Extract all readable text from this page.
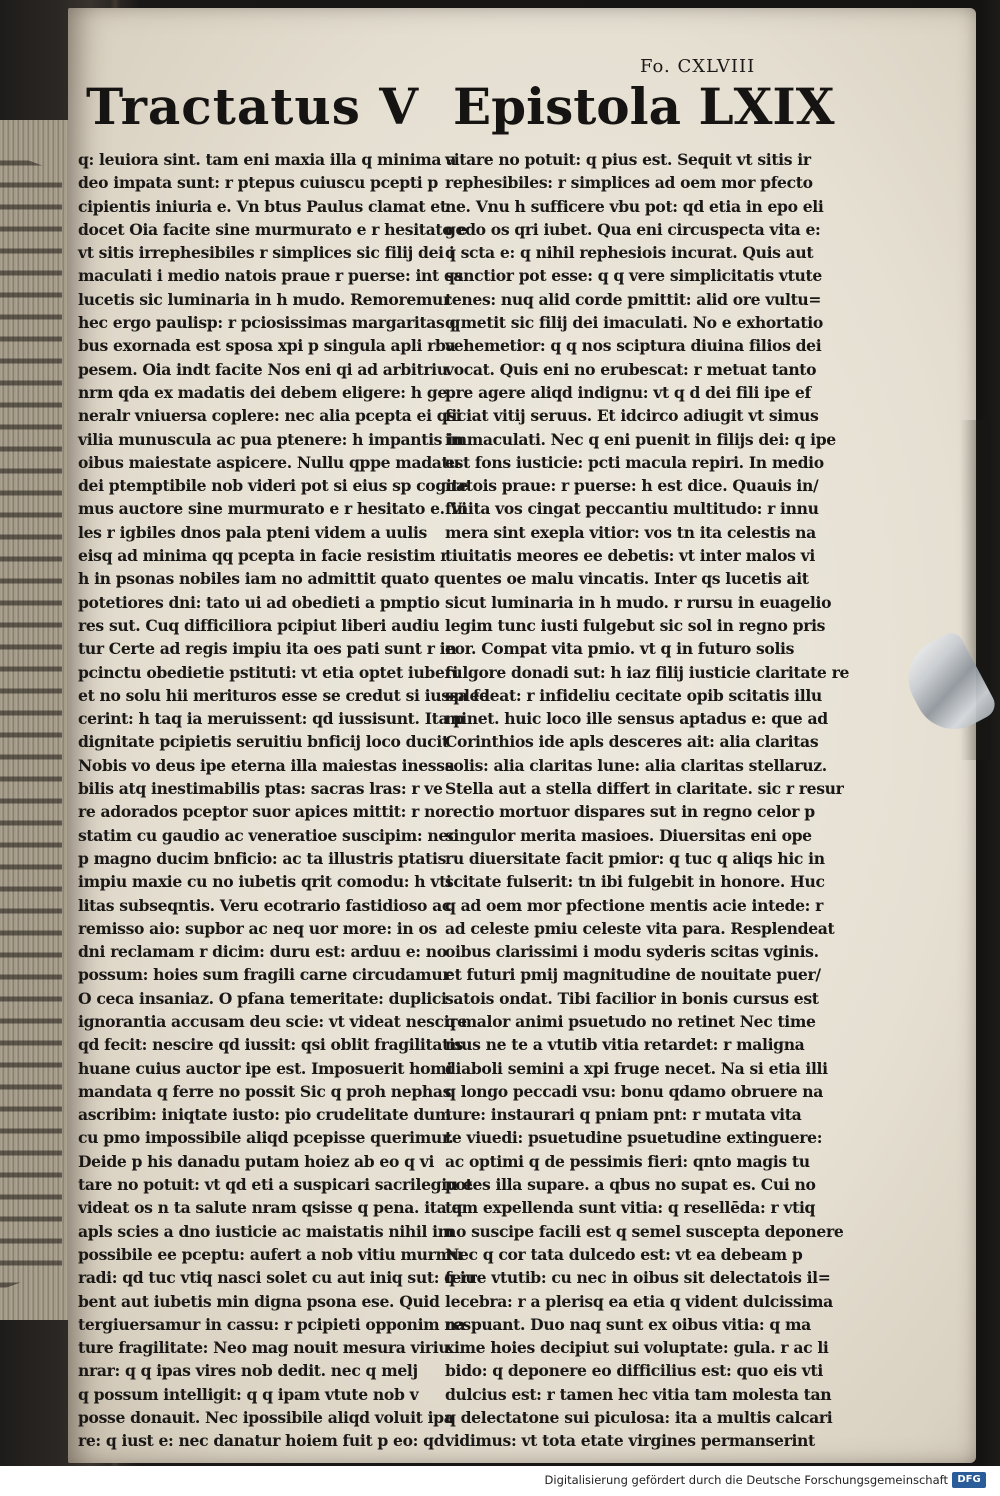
Fo. CXLVIII
Tractatus V Epistola LXIX
q: leuiora sint. tam eni maxia illa q minima a
deo impata sunt: r ptepus cuiuscu pcepti p
cipientis iniuria e. Vn btus Paulus clamat et
docet Oia facite sine murmurato e r hesitato e
vt sitis irrephesibiles r simplices sic filij dei i
maculati i medio natois praue r puerse: int qs
lucetis sic luminaria in h mudo. Remoremur
hec ergo paulisp: r pciosissimas margaritas q
bus exornada est sposa xpi p singula apli rba
pesem. Oia indt facite Nos eni qi ad arbitriu
nrm qda ex madatis dei debem eligere: h ge
neralr vniuersa coplere: nec alia pcepta ei qsi
vilia munuscula ac pua ptenere: h impantis in
oibus maiestate aspicere. Nullu qppe madatu
dei ptemptibile nob videri pot si eius sp cogite
mus auctore sine murmurato e r hesitato e. Vi
les r igbiles dnos pala pteni videm a uulis
eisq ad minima qq pcepta in facie resistim r
h in psonas nobiles iam no admittit quato q
potetiores dni: tato ui ad obedieti a pmptio
res sut. Cuq difficiliora pcipiut liberi audiu
tur Certe ad regis impiu ita oes pati sunt r in
pcinctu obedietie pstituti: vt etia optet iuberi
et no solu hii merituros esse se credut si iussa fe
cerint: h taq ia meruissent: qd iussisunt. Ita p
dignitate pcipietis seruitiu bnficij loco ducit
Nobis vo deus ipe eterna illa maiestas inessa
bilis atq inestimabilis ptas: sacras lras: r ve
re adorados pceptor suor apices mittit: r no
statim cu gaudio ac veneratioe suscipim: nec
p magno ducim bnficio: ac ta illustris ptatis
impiu maxie cu no iubetis qrit comodu: h vti
litas subseqntis. Veru ecotrario fastidioso ac
remisso aio: supbor ac neq uor more: in os
dni reclamam r dicim: duru est: arduu e: no
possum: hoies sum fragili carne circudamur
O ceca insaniaz. O pfana temeritate: duplici
ignorantia accusam deu scie: vt videat nescire
qd fecit: nescire qd iussit: qsi oblit fragilitatis
huane cuius auctor ipe est. Imposuerit homi
mandata q ferre no possit Sic q proh nephas
ascribim: iniqtate iusto: pio crudelitate dum
cu pmo impossibile aliqd pcepisse querimur.
Deide p his danadu putam hoiez ab eo q vi
tare no potuit: vt qd eti a suspicari sacrilegiu e
videat os n ta salute nram qsisse q pena. ita q
apls scies a dno iusticie ac maistatis nihil im
possibile ee pceptu: aufert a nob vitiu murmu
radi: qd tuc vtiq nasci solet cu aut iniq sut: q iu
bent aut iubetis min digna psona ese. Quid
tergiuersamur in cassu: r pcipieti opponim na
ture fragilitate: Neo mag nouit mesura viriu
nrar: q q ipas vires nob dedit. nec q melj
q possum intelligit: q q ipam vtute nob v
posse donauit. Nec ipossibile aliqd voluit ipa
re: q iust e: nec danatur hoiem fuit p eo: qd
vitare no potuit: q pius est. Sequit vt sitis ir
rephesibiles: r simplices ad oem mor pfecto
ne. Vnu h sufficere vbu pot: qd etia in epo eli
gedo os qri iubet. Qua eni circuspecta vita e:
q scta e: q nihil rephesiois incurat. Quis aut
sanctior pot esse: q q vere simplicitatis vtute
tenes: nuq alid corde pmittit: alid ore vultu=
q metit sic filij dei imaculati. No e exhortatio
vehemetior: q q nos sciptura diuina filios dei
vocat. Quis eni no erubescat: r metuat tanto
pre agere aliqd indignu: vt q d dei fili ipe ef
ficiat vitij seruus. Et idcirco adiugit vt simus
immaculati. Nec q eni puenit in filijs dei: q ipe
est fons iusticie: pcti macula repiri. In medio
natois praue: r puerse: h est dice. Quauis in/
finita vos cingat peccantiu multitudo: r innu
mera sint exepla vitior: vos tn ita celestis na
tiuitatis meores ee debetis: vt inter malos vi
uentes oe malu vincatis. Inter qs lucetis ait
sicut luminaria in h mudo. r rursu in euagelio
legim tunc iusti fulgebut sic sol in regno pris
eor. Compat vita pmio. vt q in futuro solis
fulgore donadi sut: h iaz filij iusticie claritate re
spledeat: r infideliu cecitate opib scitatis illu
minet. huic loco ille sensus aptadus e: que ad
Corinthios ide apls desceres ait: alia claritas
solis: alia claritas lune: alia claritas stellaruz.
Stella aut a stella differt in claritate. sic r resur
rectio mortuor dispares sut in regno celor p
singulor merita masioes. Diuersitas eni ope
ru diuersitate facit pmior: q tuc q aliqs hic in
scitate fulserit: tn ibi fulgebit in honore. Huc
q ad oem mor pfectione mentis acie intede: r
ad celeste pmiu celeste vita para. Resplendeat
oibus clarissimi i modu syderis scitas vginis.
et futuri pmij magnitudine de nouitate puer/
satois ondat. Tibi facilior in bonis cursus est
q malor animi psuetudo no retinet Nec time
mus ne te a vtutib vitia retardet: r maligna
diaboli semini a xpi fruge necet. Na si etia illi
q longo peccadi vsu: bonu qdamo obruere na
ture: instaurari q pniam pnt: r mutata vita
te viuedi: psuetudine psuetudine extinguere:
ac optimi q de pessimis fieri: qnto magis tu
potes illa supare. a qbus no supat es. Cui no
tam expellenda sunt vitia: q resellēda: r vtiq
no suscipe facili est q semel suscepta deponere
Nec q cor tata dulcedo est: vt ea debeam p
ferre vtutib: cu nec in oibus sit delectatois il=
lecebra: r a plerisq ea etia q vident dulcissima
respuant. Duo naq sunt ex oibus vitia: q ma
xime hoies decipiut sui voluptate: gula. r ac li
bido: q deponere eo difficilius est: quo eis vti
dulcius est: r tamen hec vitia tam molesta tan
q delectatone sui piculosa: ita a multis calcari
vidimus: vt tota etate virgines permanserint
Digitalisierung gefördert durch die Deutsche Forschungsgemeinschaft DFG
